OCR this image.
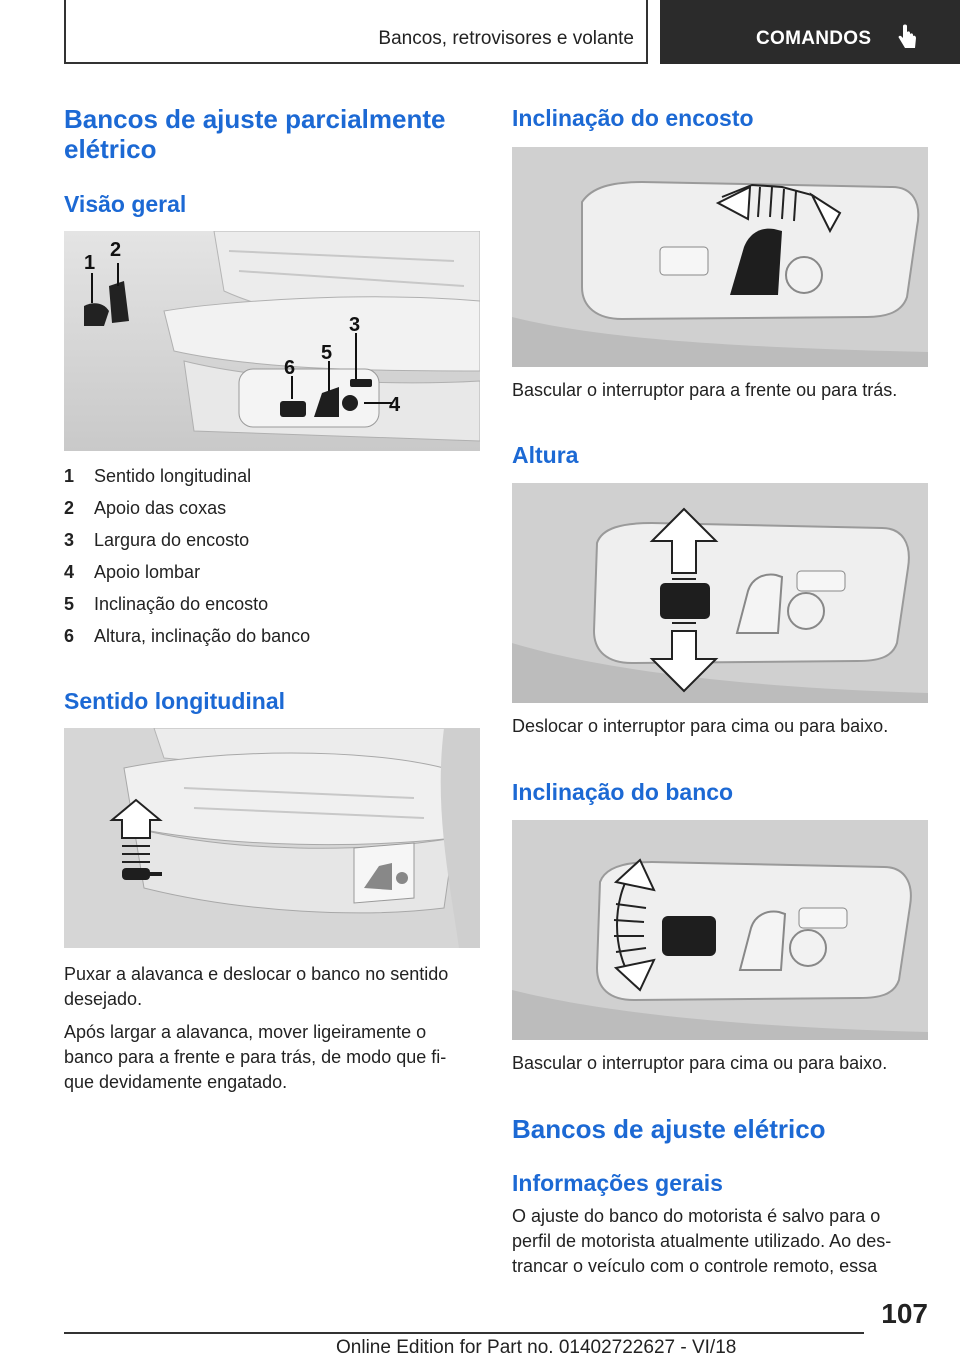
Bancos, retrovisores e volante	COMANDOS
Bancos de ajuste parcialmente
elétrico
Visão geral
1
2
3
4
5
6
1 Sentido longitudinal
2 Apoio das coxas
3 Largura do encosto
4 Apoio lombar
5 Inclinação do encosto
6 Altura, inclinação do banco
Sentido longitudinal
Puxar a alavanca e deslocar o banco no sentido
desejado.
Após largar a alavanca, mover ligeiramente o
banco para a frente e para trás, de modo que fi‐
que devidamente engatado.
Inclinação do encosto
Bascular o interruptor para a frente ou para trás.
Altura
Deslocar o interruptor para cima ou para baixo.
Inclinação do banco
Bascular o interruptor para cima ou para baixo.
Bancos de ajuste elétrico
Informações gerais
O ajuste do banco do motorista é salvo para o
perfil de motorista atualmente utilizado. Ao des‐
trancar o veículo com o controle remoto, essa
107
Online Edition for Part no. 01402722627 - VI/18
